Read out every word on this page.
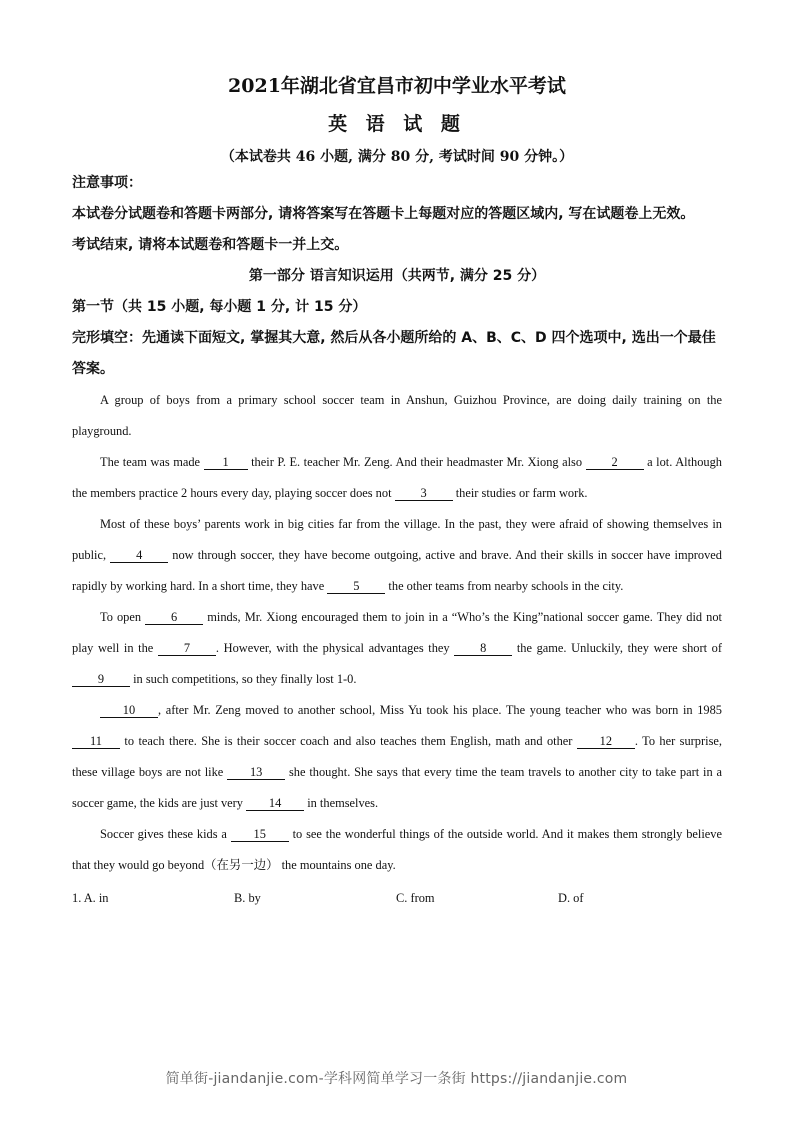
2021年湖北省宜昌市初中学业水平考试
英 语 试 题
（本试卷共 46 小题, 满分 80 分, 考试时间 90 分钟。）
注意事项：
本试卷分试题卷和答题卡两部分, 请将答案写在答题卡上每题对应的答题区域内, 写在试题卷上无效。
考试结束, 请将本试题卷和答题卡一并上交。
第一部分 语言知识运用（共两节, 满分 25 分）
第一节（共 15 小题, 每小题 1 分, 计 15 分）
完形填空：先通读下面短文, 掌握其大意, 然后从各小题所给的 A、B、C、D 四个选项中, 选出一个最佳答案。
A group of boys from a primary school soccer team in Anshun, Guizhou Province, are doing daily training on the playground.
The team was made 1 their P. E. teacher Mr. Zeng. And their headmaster Mr. Xiong also 2 a lot. Although the members practice 2 hours every day, playing soccer does not 3 their studies or farm work.
Most of these boys’ parents work in big cities far from the village. In the past, they were afraid of showing themselves in public, 4 now through soccer, they have become outgoing, active and brave. And their skills in soccer have improved rapidly by working hard. In a short time, they have 5 the other teams from nearby schools in the city.
To open 6 minds, Mr. Xiong encouraged them to join in a “Who’s the King”national soccer game. They did not play well in the 7 . However, with the physical advantages they 8 the game. Unluckily, they were short of 9 in such competitions, so they finally lost 1-0.
10 , after Mr. Zeng moved to another school, Miss Yu took his place. The young teacher who was born in 1985 11 to teach there. She is their soccer coach and also teaches them English, math and other 12 . To her surprise, these village boys are not like 13 she thought. She says that every time the team travels to another city to take part in a soccer game, the kids are just very 14 in themselves.
Soccer gives these kids a 15 to see the wonderful things of the outside world. And it makes them strongly believe that they would go beyond（在另一边） the mountains one day.
1. A. in	B. by	C. from	D. of
简单街-jiandanjie.com-学科网简单学习一条街 https://jiandanjie.com
